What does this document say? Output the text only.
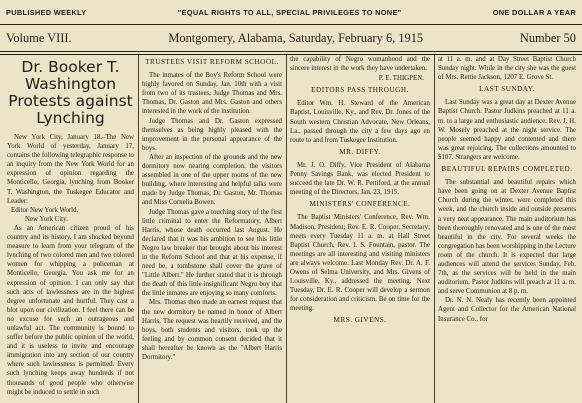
PUBLISHED WEEKLY	"EQUAL RIGHTS TO ALL, SPECIAL PRIVILEGES TO NONE"	ONE DOLLAR A YEAR
Volume VIII.	Montgomery, Alabama, Saturday, February 6, 1915	Number 50
Dr. Booker T. Washington Protests against Lynching

New York City, January 18.–The New York World of yesterday, January 17, contains the following telegraphic response to an inquiry from the New York World for an expression of opinion regarding the Monticello, Georgia, lynching from Booker T. Washington, the Tuskegee Educator and Leader:

Editor New York World,

New York City.

As an American citizen proud of his country and its history, I am shocked beyond measure to learn from your telegram of the lynching of two colored men and two colored women for whipping a policeman at Monticello, Georgia. You ask me for an expression of opinion. I can only say that such acts of lawlessness are in the highest degree unfortunate and hurtful. They cast a blot upon our civilization. I feel there can be no excuse for such an outrageous and unlawful act. The community is bound to suffer before the public opinion of the world, and it is useless to invite and encourage immigration into any section of our country where such lawlessness is permitted. Every such lynching keeps away hundreds if not thousands of good people who otherwise might be induced to settle in such

TRUSTEES VISIT REFORM SCHOOL.

The inmates of the Boy's Reform School were highly favored on Sunday, Jan. 10th with a visit from two of its trustees, Judge Thomas and Mrs. Thomas, Dr. Gaston and Mrs. Gaston and others interested in the work of the institution.

Judge Thomas and Dr. Gaston expressed themselves as being highly pleased with the improvement in the personal appearance of the boys.

After an inspection of the grounds and the new dormitory now nearing completion, the visitors assembled in one of the upper rooms of the new building, where interesting and helpful talks were made by Judge Thomas, Dr. Gaston, Mr. Thomas and Miss Cornelia Bowen.

Judge Thomas gave a touching story of the first little criminal to enter the Reformatory, Albert Harris, whose death occurred last August. He declared that it was his ambition to see this little Negro law breaker that brought about his interest in the Reform School and that at his expense, if need be, a tombstone shall cover the grave of "Little Albert." He further stated that it is through the death of this little insignificant Negro boy that the little inmates are enjoying so many comforts.

Mrs. Thomas then made an earnest request that the new dormitory be named in honor of Albert Harris. The request was heartily received, and the boys, both students and visitors, took up the feeling and by common consent decided that it shall hereafter be known as the "Albert Harris Dormitory."

the capability of Negro womanhood and the sincere interest in the work they have undertaken.

P. E. THIGPEN.

EDITORS PASS THROUGH.

Editor Wm. H. Steward of the American Baptist, Louisville, Ky., and Rev. Dr. Jones of the South western Christian Advocate, New Orleans, La., passed through the city a few days ago en route to and from Tuskegee Institution.

MR. DIFFY.

Mr. J. O. Diffy, Vice President of Alabama Penny Savings Bank, was elected President to succeed the late Dr. W. R. Pettiford, at the annual meeting of the Directors, Jan. 23, 1915.

MINISTERS' CONFERENCE.

The Baptist Ministers' Conference, Rev. Wm. Madison, President; Rev. E. R. Cooper, Secretary; meets every Tuesday 11 a. m. at Hall Street Baptist Church, Rev. I. S. Fountain, pastor. The meetings are all interesting and visiting ministers are always welcome. Last Monday Rev. Dr. A. F. Owens of Selma University, and Mrs. Givens of Louisville, Ky., addressed the meeting. Next Tuesday, Dr. E. R. Cooper will develop a sermon for consideration and criticism. Be on time for the meeting.

MRS. GIVENS.

at 11 a. m. and at Day Street Baptist Church Sunday night. While in the city she was the guest of Mrs. Rettie Jackson, 1207 E. Grove St.

LAST SUNDAY.

Last Sunday was a great day at Dexter Avenue Baptist Church. Pastor Judkins preached at 11 a. m. to a large and enthusiastic audience. Rev. J. H. W. Mosely preached at the night service. The people seemed happy and contented and there was great rejoicing. The collections amounted to $107. Strangers are welcome.

BEAUTIFUL REPAIRS COMPLETED.

The substantial and beautiful repairs which have been going on at Dexter Avenue Baptist Church during the winter, were completed this week, and the church inside and outside presents a very neat appearance. The main auditorium has been thoroughly renovated and is one of the most beautiful in the city. For several weeks the congregation has been worshipping in the Lecture room of the church. It is expected that large audiences will attend the services Sunday, Feb. 7th, as the services will be held in the main auditorium. Pastor Judkins will preach at 11 a. m. and serve Communion at 8 p. m.

Dr. N. N. Nealy has recently been appointed Agent and Collector for the American National Insurance Co., for
